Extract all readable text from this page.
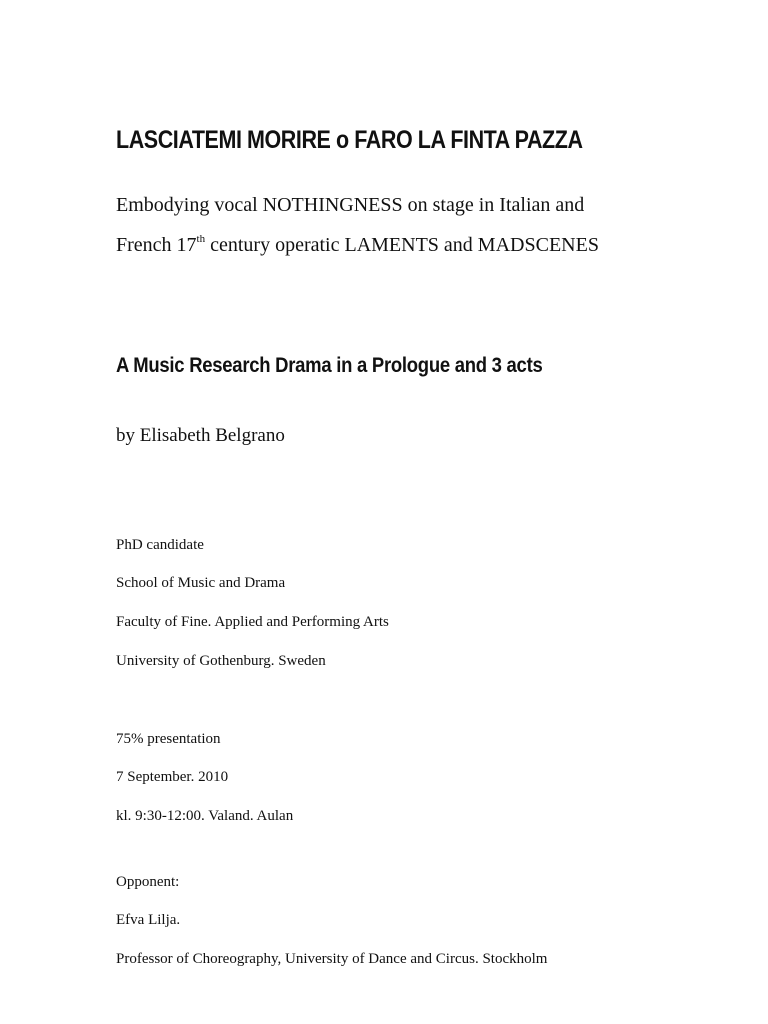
LASCIATEMI MORIRE o FARO LA FINTA PAZZA

Embodying vocal NOTHINGNESS on stage in Italian and

French 17th century operatic LAMENTS and MADSCENES

A Music Research Drama in a Prologue and 3 acts

by Elisabeth Belgrano

PhD candidate

School of Music and Drama

Faculty of Fine. Applied and Performing Arts

University of Gothenburg. Sweden

75% presentation

7 September. 2010

kl. 9:30-12:00. Valand. Aulan

Opponent:

Efva Lilja.

Professor of Choreography, University of Dance and Circus. Stockholm
